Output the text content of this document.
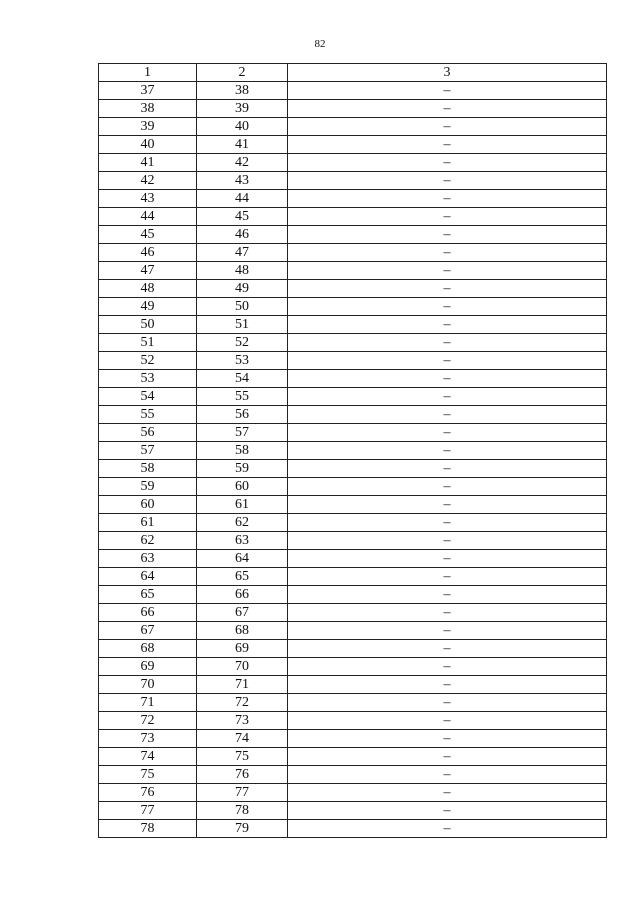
82
1	2	3
37	38	–
38	39	–
39	40	–
40	41	–
41	42	–
42	43	–
43	44	–
44	45	–
45	46	–
46	47	–
47	48	–
48	49	–
49	50	–
50	51	–
51	52	–
52	53	–
53	54	–
54	55	–
55	56	–
56	57	–
57	58	–
58	59	–
59	60	–
60	61	–
61	62	–
62	63	–
63	64	–
64	65	–
65	66	–
66	67	–
67	68	–
68	69	–
69	70	–
70	71	–
71	72	–
72	73	–
73	74	–
74	75	–
75	76	–
76	77	–
77	78	–
78	79	–
